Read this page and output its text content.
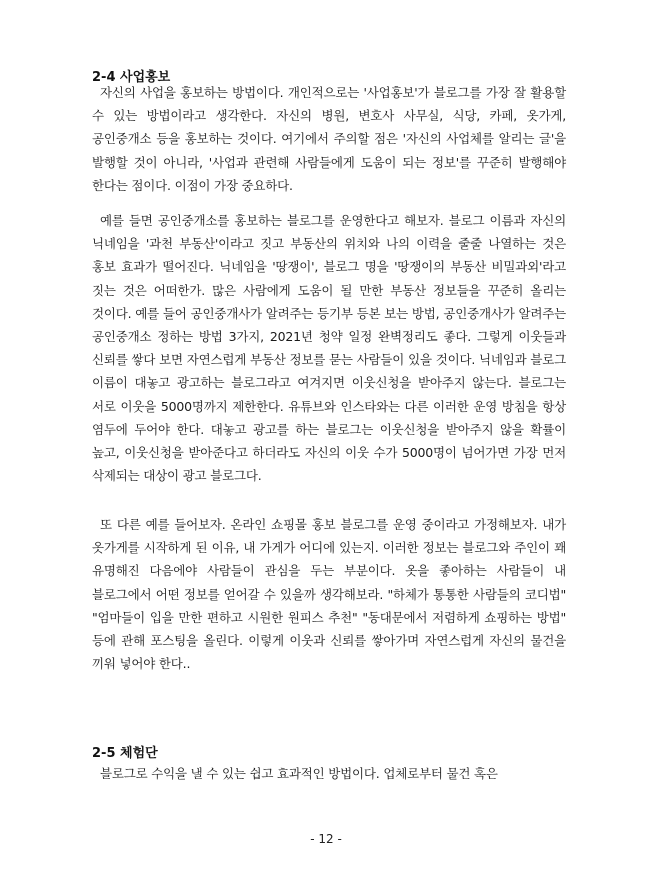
2-4 사업홍보

자신의 사업을 홍보하는 방법이다. 개인적으로는 '사업홍보'가 블로그를 가장 잘 활용할 수 있는 방법이라고 생각한다. 자신의 병원, 변호사 사무실, 식당, 카페, 옷가게, 공인중개소 등을 홍보하는 것이다. 여기에서 주의할 점은 '자신의 사업체를 알리는 글'을 발행할 것이 아니라, '사업과 관련해 사람들에게 도움이 되는 정보'를 꾸준히 발행해야 한다는 점이다. 이점이 가장 중요하다.

예를 들면 공인중개소를 홍보하는 블로그를 운영한다고 해보자. 블로그 이름과 자신의 닉네임을 '과천 부동산'이라고 짓고 부동산의 위치와 나의 이력을 줄줄 나열하는 것은 홍보 효과가 떨어진다. 닉네임을 '땅쟁이', 블로그 명을 '땅쟁이의 부동산 비밀과외'라고 짓는 것은 어떠한가. 많은 사람에게 도움이 될 만한 부동산 정보들을 꾸준히 올리는 것이다. 예를 들어 공인중개사가 알려주는 등기부 등본 보는 방법, 공인중개사가 알려주는 공인중개소 정하는 방법 3가지, 2021년 청약 일정 완벽정리도 좋다. 그렇게 이웃들과 신뢰를 쌓다 보면 자연스럽게 부동산 정보를 묻는 사람들이 있을 것이다. 닉네임과 블로그 이름이 대놓고 광고하는 블로그라고 여겨지면 이웃신청을 받아주지 않는다. 블로그는 서로 이웃을 5000명까지 제한한다. 유튜브와 인스타와는 다른 이러한 운영 방침을 항상 염두에 두어야 한다. 대놓고 광고를 하는 블로그는 이웃신청을 받아주지 않을 확률이 높고, 이웃신청을 받아준다고 하더라도 자신의 이웃 수가 5000명이 넘어가면 가장 먼저 삭제되는 대상이 광고 블로그다.

또 다른 예를 들어보자. 온라인 쇼핑몰 홍보 블로그를 운영 중이라고 가정해보자. 내가 옷가게를 시작하게 된 이유, 내 가게가 어디에 있는지. 이러한 정보는 블로그와 주인이 꽤 유명해진 다음에야 사람들이 관심을 두는 부분이다. 옷을 좋아하는 사람들이 내 블로그에서 어떤 정보를 얻어갈 수 있을까 생각해보라. "하체가 통통한 사람들의 코디법" "엄마들이 입을 만한 편하고 시원한 원피스 추천" "동대문에서 저렴하게 쇼핑하는 방법" 등에 관해 포스팅을 올린다. 이렇게 이웃과 신뢰를 쌓아가며 자연스럽게 자신의 물건을 끼워 넣어야 한다..

2-5 체험단

블로그로 수익을 낼 수 있는 쉽고 효과적인 방법이다. 업체로부터 물건 혹은

- 12 -
